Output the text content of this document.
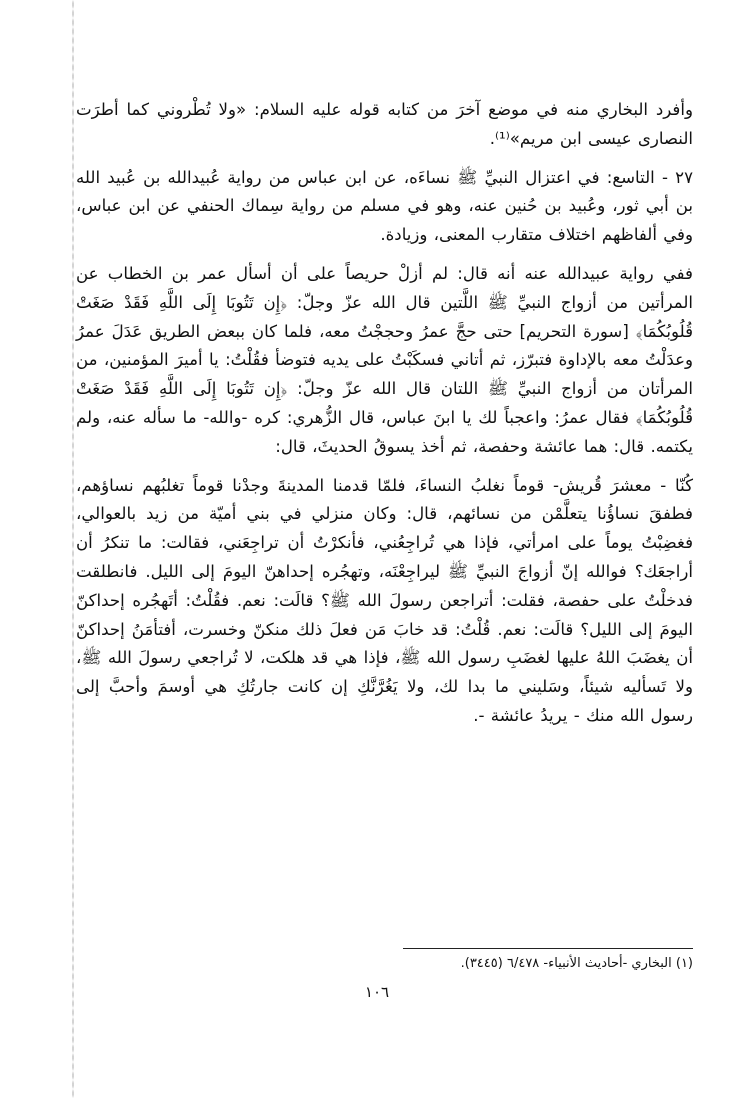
وأفرد البخاري منه في موضع آخرَ من كتابه قوله عليه السلام: «ولا تُطْروني كما أطرَت النصارى عيسى ابن مريم»⁽¹⁾.

٢٧ - التاسع: في اعتزال النبيِّ ﷺ نساءَه، عن ابن عباس من رواية عُبيدالله بن عُبيد الله بن أبي ثور، وعُبيد بن حُنين عنه، وهو في مسلم من رواية سِماك الحنفي عن ابن عباس، وفي ألفاظهم اختلاف متقارب المعنى، وزيادة.

ففي رواية عبيدالله عنه أنه قال: لم أزلْ حريصاً على أن أسأل عمر بن الخطاب عن المرأتين من أزواج النبيِّ ﷺ اللَّتين قال الله عزّ وجلّ: ﴿إِن تَتُوبَا إِلَى اللَّهِ فَقَدْ صَغَتْ قُلُوبُكُمَا﴾ [سورة التحريم] حتى حجَّ عمرُ وحججْتُ معه، فلما كان ببعض الطريق عَدَلَ عمرُ وعدَلْتُ معه بالإداوة فتبرّز، ثم أتاني فسكَبْتُ على يديه فتوضأ فقُلْتُ: يا أميرَ المؤمنين، من المرأتان من أزواج النبيِّ ﷺ اللتان قال الله عزّ وجلّ: ﴿إِن تَتُوبَا إِلَى اللَّهِ فَقَدْ صَغَتْ قُلُوبُكُمَا﴾ فقال عمرُ: واعجباً لك يا ابنَ عباس، قال الزُّهري: كره -والله- ما سأله عنه، ولم يكتمه. قال: هما عائشة وحفصة، ثم أخذ يسوقُ الحديثَ، قال:

كُنّا - معشرَ قُريش- قوماً نغلبُ النساءَ، فلمّا قدمنا المدينةَ وجدْنا قوماً تغلبُهم نساؤهم، فطفقَ نساؤُنا يتعلَّمْن من نسائهم، قال: وكان منزلي في بني أميّة من زيد بالعوالي، فغضِبْتُ يوماً على امرأتي، فإذا هي تُراجِعُني، فأنكرْتُ أن تراجِعَني، فقالت: ما تنكرُ أن أراجعَك؟ فوالله إنّ أزواجَ النبيِّ ﷺ ليراجِعْنَه، وتهجُره إحداهنّ اليومَ إلى الليل. فانطلقت فدخلْتُ على حفصة، فقلت: أتراجعن رسولَ الله ﷺ؟ قالَت: نعم. فقُلْتُ: أتَهجُره إحداكنّ اليومَ إلى الليل؟ قالَت: نعم. قُلْتُ: قد خابَ مَن فعلَ ذلك منكنّ وخسرت، أفتأمَنُ إحداكنّ أن يغضَبَ اللهُ عليها لغضَبِ رسول الله ﷺ، فإذا هي قد هلكت، لا تُراجعي رسولَ الله ﷺ، ولا تَسأليه شيئاً، وسَليني ما بدا لك، ولا يَغُرَّنَّكِ إن كانت جارتُكِ هي أوسمَ وأحبَّ إلى رسول الله منك - يريدُ عائشة -.

(١) البخاري -أحاديث الأنبياء- ٦/٤٧٨ (٣٤٤٥).
١٠٦
